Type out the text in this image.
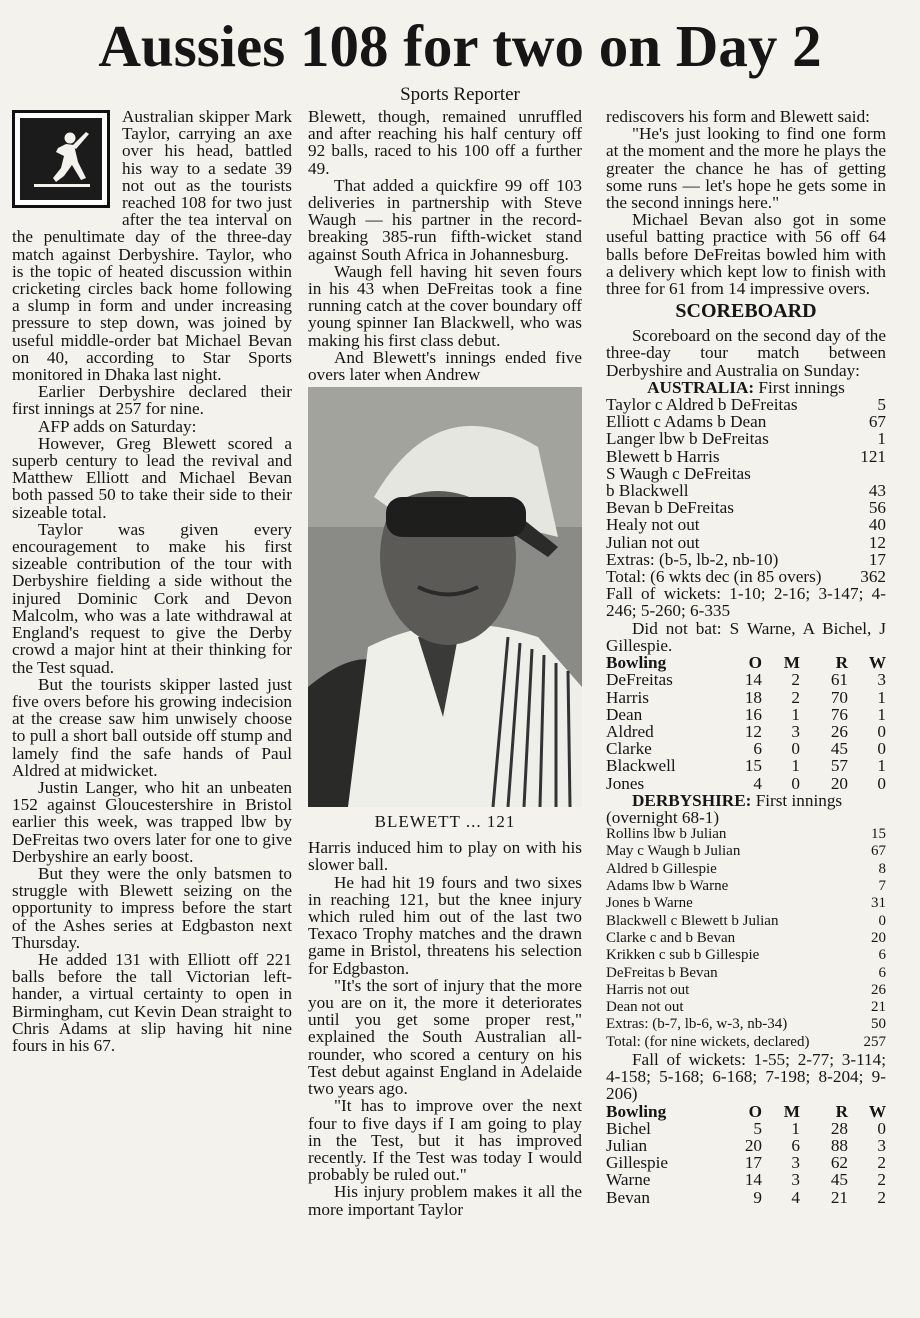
Aussies 108 for two on Day 2
Sports Reporter

Australian skipper Mark Taylor, carrying an axe over his head, battled his way to a sedate 39 not out as the tourists reached 108 for two just after the tea interval on the penultimate day of the three-day match against Derbyshire. Taylor, who is the topic of heated discussion within cricketing circles back home following a slump in form and under increasing pressure to step down, was joined by useful middle-order bat Michael Bevan on 40, according to Star Sports monitored in Dhaka last night.

Earlier Derbyshire declared their first innings at 257 for nine.

AFP adds on Saturday:

However, Greg Blewett scored a superb century to lead the revival and Matthew Elliott and Michael Bevan both passed 50 to take their side to their sizeable total.

Taylor was given every encouragement to make his first sizeable contribution of the tour with Derbyshire fielding a side without the injured Dominic Cork and Devon Malcolm, who was a late withdrawal at England's request to give the Derby crowd a major hint at their thinking for the Test squad.

But the tourists skipper lasted just five overs before his growing indecision at the crease saw him unwisely choose to pull a short ball outside off stump and lamely find the safe hands of Paul Aldred at midwicket.

Justin Langer, who hit an unbeaten 152 against Gloucestershire in Bristol earlier this week, was trapped lbw by DeFreitas two overs later for one to give Derbyshire an early boost.

But they were the only batsmen to struggle with Blewett seizing on the opportunity to impress before the start of the Ashes series at Edgbaston next Thursday.

He added 131 with Elliott off 221 balls before the tall Victorian left-hander, a virtual certainty to open in Birmingham, cut Kevin Dean straight to Chris Adams at slip having hit nine fours in his 67.

Blewett, though, remained unruffled and after reaching his half century off 92 balls, raced to his 100 off a further 49.

That added a quickfire 99 off 103 deliveries in partnership with Steve Waugh — his partner in the record-breaking 385-run fifth-wicket stand against South Africa in Johannesburg.

Waugh fell having hit seven fours in his 43 when DeFreitas took a fine running catch at the cover boundary off young spinner Ian Blackwell, who was making his first class debut.

And Blewett's innings ended five overs later when Andrew

BLEWETT ... 121

Harris induced him to play on with his slower ball.

He had hit 19 fours and two sixes in reaching 121, but the knee injury which ruled him out of the last two Texaco Trophy matches and the drawn game in Bristol, threatens his selection for Edgbaston.

"It's the sort of injury that the more you are on it, the more it deteriorates until you get some proper rest," explained the South Australian all-rounder, who scored a century on his Test debut against England in Adelaide two years ago.

"It has to improve over the next four to five days if I am going to play in the Test, but it has improved recently. If the Test was today I would probably be ruled out."

His injury problem makes it all the more important Taylor

rediscovers his form and Blewett said:

"He's just looking to find one form at the moment and the more he plays the greater the chance he has of getting some runs — let's hope he gets some in the second innings here."

Michael Bevan also got in some useful batting practice with 56 off 64 balls before DeFreitas bowled him with a delivery which kept low to finish with three for 61 from 14 impressive overs.

SCOREBOARD

Scoreboard on the second day of the three-day tour match between Derbyshire and Australia on Sunday:

AUSTRALIA: First innings
Taylor c Aldred b DeFreitas	5
Elliott c Adams b Dean	67
Langer lbw b DeFreitas	1
Blewett b Harris	121
S Waugh c DeFreitas
b Blackwell	43
Bevan b DeFreitas	56
Healy not out	40
Julian not out	12
Extras: (b-5, lb-2, nb-10)	17
Total: (6 wkts dec (in 85 overs) 362

Fall of wickets: 1-10; 2-16; 3-147; 4-246; 5-260; 6-335

Did not bat: S Warne, A Bichel, J Gillespie.

Bowling	O	M	R	W
DeFreitas	14	2	61	3
Harris	18	2	70	1
Dean	16	1	76	1
Aldred	12	3	26	0
Clarke	6	0	45	0
Blackwell	15	1	57	1
Jones	4	0	20	0
DERBYSHIRE: First innings

(overnight 68-1)

Rollins lbw b Julian	15
May c Waugh b Julian	67
Aldred b Gillespie	8
Adams lbw b Warne	7
Jones b Warne	31
Blackwell c Blewett b Julian	0
Clarke c and b Bevan	20
Krikken c sub b Gillespie	6
DeFreitas b Bevan	6
Harris not out	26
Dean not out	21
Extras: (b-7, lb-6, w-3, nb-34)	50
Total: (for nine wickets, declared)	257

Fall of wickets: 1-55; 2-77; 3-114; 4-158; 5-168; 6-168; 7-198; 8-204; 9-206)

Bowling	O	M	R	W
Bichel	5	1	28	0
Julian	20	6	88	3
Gillespie	17	3	62	2
Warne	14	3	45	2
Bevan	9	4	21	2
